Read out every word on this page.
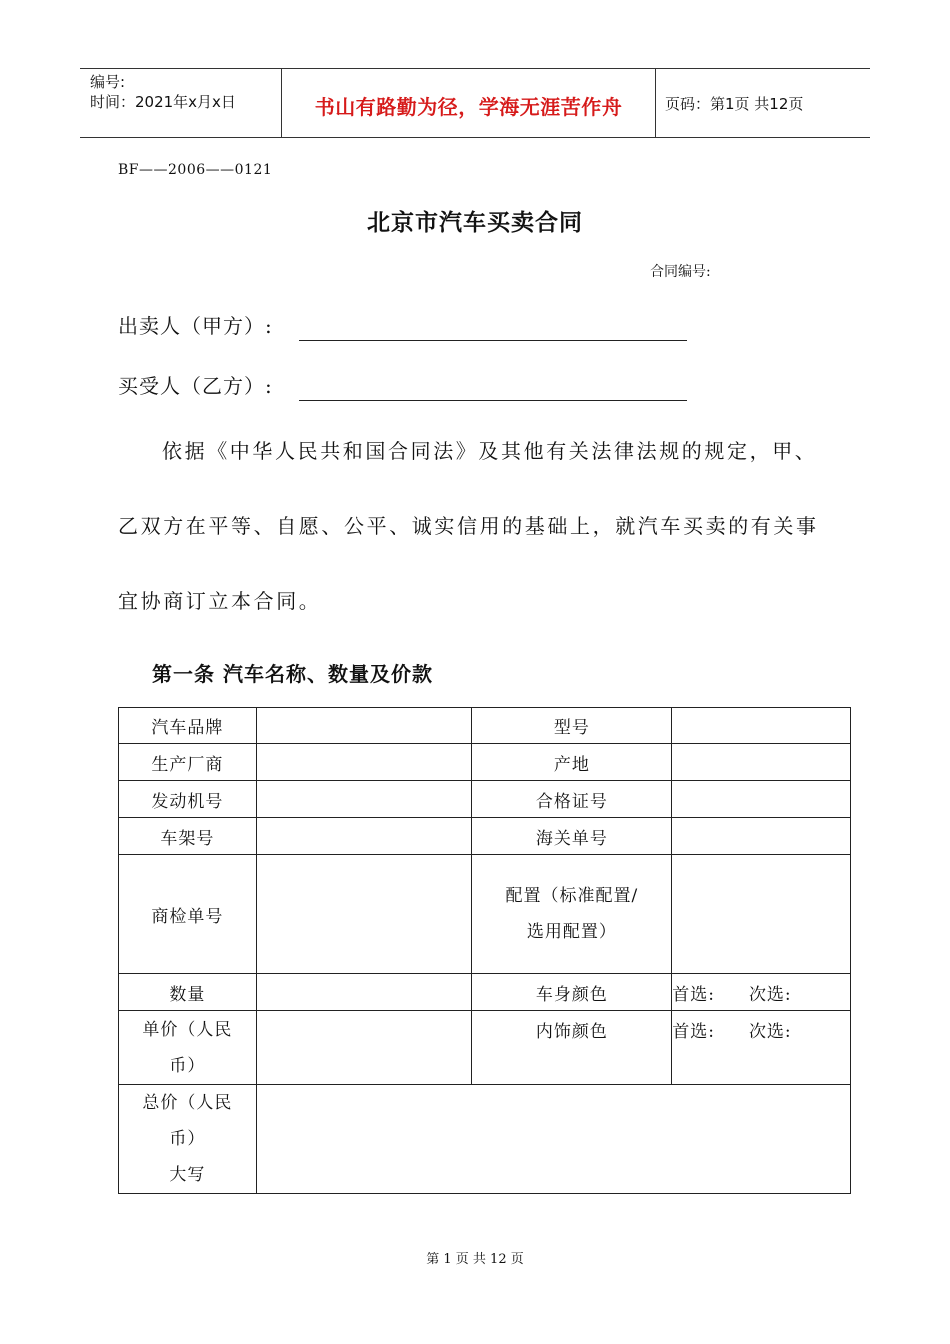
编号:
时间：2021年x月x日	书山有路勤为径，学海无涯苦作舟	页码：第1页 共12页
BF——2006——0121
北京市汽车买卖合同
合同编号:
出卖人（甲方）:
买受人（乙方）:
依据《中华人民共和国合同法》及其他有关法律法规的规定，甲、
乙双方在平等、自愿、公平、诚实信用的基础上，就汽车买卖的有关事
宜协商订立本合同。
第一条 汽车名称、数量及价款
汽车品牌		型号	
生产厂商		产地	
发动机号		合格证号	
车架号		海关单号	
商检单号		配置（标准配置/
选用配置）	

数量		车身颜色	首选: 次选:

单价（人民
币）		内饰颜色	首选: 次选:

总价（人民
币）
大写			

第 1 页 共 12 页
